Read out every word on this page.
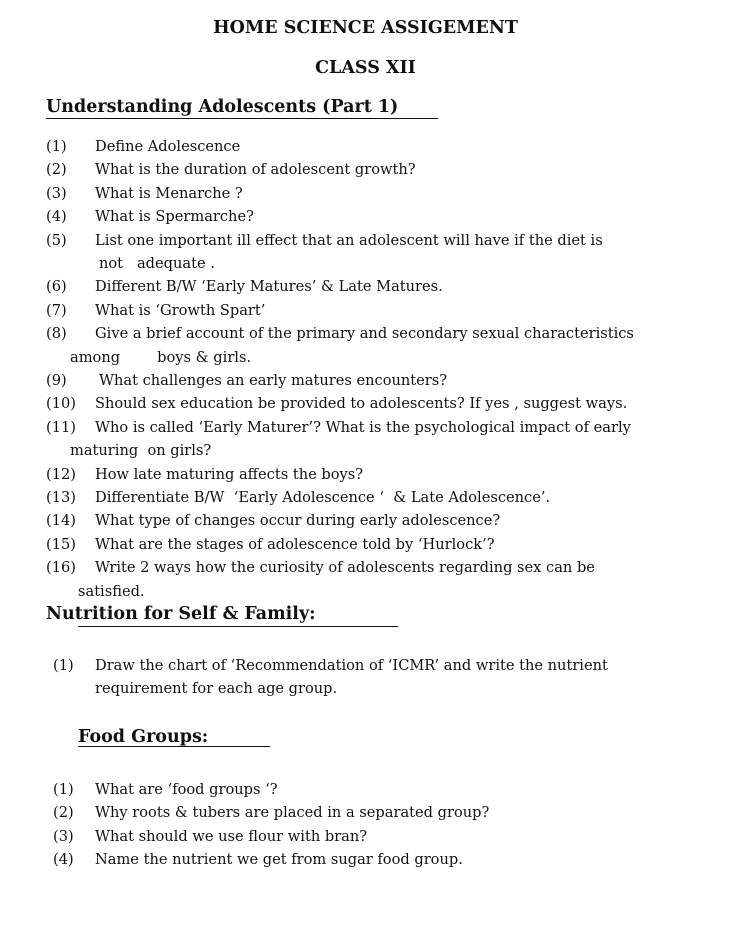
HOME SCIENCE ASSIGEMENT
CLASS XII
Understanding Adolescents (Part 1)
(1) Define Adolescence
(2) What is the duration of adolescent growth?
(3) What is Menarche ?
(4) What is Spermarche?
(5) List one important ill effect that an adolescent will have if the diet is
not   adequate .
(6) Different B/W ‘Early Matures’ & Late Matures.
(7) What is ‘Growth Spart’
(8) Give a brief account of the primary and secondary sexual characteristics
among        boys & girls.
(9) What challenges an early matures encounters?
(10) Should sex education be provided to adolescents? If yes , suggest ways.
(11) Who is called ‘Early Maturer’? What is the psychological impact of early
maturing  on girls?
(12) How late maturing affects the boys?
(13) Differentiate B/W  ‘Early Adolescence ‘  & Late Adolescence’.
(14) What type of changes occur during early adolescence?
(15) What are the stages of adolescence told by ‘Hurlock’?
(16) Write 2 ways how the curiosity of adolescents regarding sex can be
satisfied.
Nutrition for Self & Family:
(1) Draw the chart of ‘Recommendation of ‘ICMR’ and write the nutrient
requirement for each age group.
Food Groups:
(1) What are ‘food groups ‘?
(2) Why roots & tubers are placed in a separated group?
(3) What should we use flour with bran?
(4) Name the nutrient we get from sugar food group.
